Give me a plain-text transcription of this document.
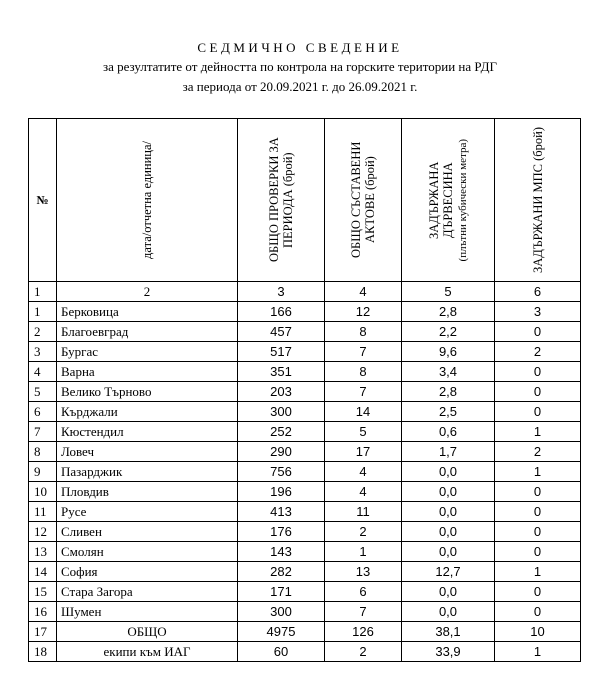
СЕДМИЧНО СВЕДЕНИЕ
за резултатите от дейността по контрола на горските територии на РДГ
за периода от 20.09.2021 г. до 26.09.2021 г.
№	дата/отчетна единица/	ОБЩО ПРОВЕРКИ ЗА ПЕРИОДА (брой)	ОБЩО СЪСТАВЕНИ АКТОВЕ (брой)	ЗАДЪРЖАНА ДЪРВЕСИНА (плътни кубически метра)	ЗАДЪРЖАНИ МПС (брой)

1	2	3	4	5	6
1	Берковица	166	12	2,8	3
2	Благоевград	457	8	2,2	0
3	Бургас	517	7	9,6	2
4	Варна	351	8	3,4	0
5	Велико Търново	203	7	2,8	0
6	Кърджали	300	14	2,5	0
7	Кюстендил	252	5	0,6	1
8	Ловеч	290	17	1,7	2
9	Пазарджик	756	4	0,0	1
10	Пловдив	196	4	0,0	0
11	Русе	413	11	0,0	0
12	Сливен	176	2	0,0	0
13	Смолян	143	1	0,0	0
14	София	282	13	12,7	1
15	Стара Загора	171	6	0,0	0
16	Шумен	300	7	0,0	0
17	ОБЩО	4975	126	38,1	10
18	екипи към ИАГ	60	2	33,9	1
